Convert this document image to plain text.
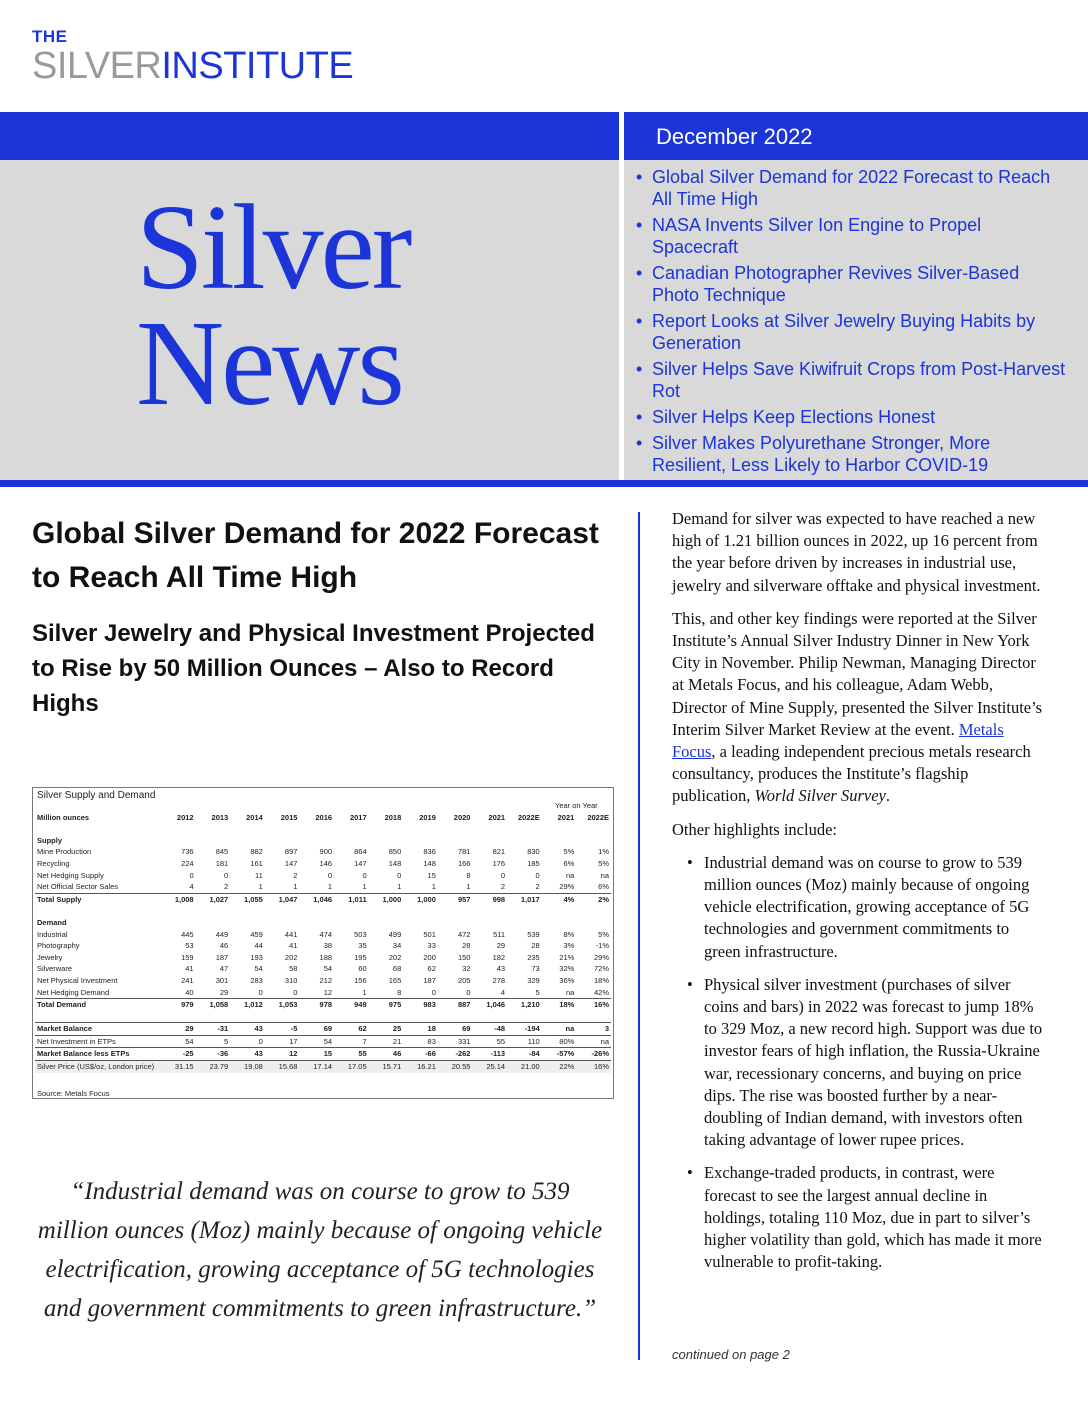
THE
SILVERINSTITUTE
December 2022
Silver
News
• Global Silver Demand for 2022 Forecast to Reach All Time High
• NASA Invents Silver Ion Engine to Propel Spacecraft
• Canadian Photographer Revives Silver-Based Photo Technique
• Report Looks at Silver Jewelry Buying Habits by Generation
• Silver Helps Save Kiwifruit Crops from Post-Harvest Rot
• Silver Helps Keep Elections Honest
• Silver Makes Polyurethane Stronger, More Resilient, Less Likely to Harbor COVID-19
Global Silver Demand for 2022 Forecast to Reach All Time High
Silver Jewelry and Physical Investment Projected to Rise by 50 Million Ounces – Also to Record Highs
Silver Supply and Demand
												Year on Year	
Million ounces	2012	2013	2014	2015	2016	2017	2018	2019	2020	2021	2022E	2021	2022E

Supply													
Mine Production	736	845	882	897	900	864	850	836	781	821	830	5%	1%
Recycling	224	181	161	147	146	147	148	148	166	176	185	6%	5%
Net Hedging Supply	0	0	11	2	0	0	0	15	8	0	0	na	na
Net Official Sector Sales	4	2	1	1	1	1	1	1	1	2	2	29%	6%
Total Supply	1,008	1,027	1,055	1,047	1,046	1,011	1,000	1,000	957	998	1,017	4%	2%

Demand													
Industrial	445	449	459	441	474	503	499	501	472	511	539	8%	5%
Photography	53	46	44	41	38	35	34	33	28	29	28	3%	-1%
Jewelry	159	187	193	202	188	195	202	200	150	182	235	21%	29%
Silverware	41	47	54	58	54	60	68	62	32	43	73	32%	72%
Net Physical Investment	241	301	283	310	212	156	165	187	205	278	329	36%	18%
Net Hedging Demand	40	29	0	0	12	1	8	0	0	4	5	na	42%
Total Demand	979	1,058	1,012	1,053	978	949	975	983	887	1,046	1,210	18%	16%

Market Balance	29	-31	43	-5	69	62	25	18	69	-48	-194	na	3
Net Investment in ETPs	54	5	0	17	54	7	21	83	331	55	110	80%	na
Market Balance less ETPs	-25	-36	43	12	15	55	46	-66	-262	-113	-84	-57%	-26%
Silver Price (US$/oz, London price)	31.15	23.79	19.08	15.68	17.14	17.05	15.71	16.21	20.55	25.14	21.00	22%	16%
Source: Metals Focus

“Industrial demand was on course to grow to 539 million ounces (Moz) mainly because of ongoing vehicle electrification, growing acceptance of 5G technologies and government commitments to green infrastructure.”

Demand for silver was expected to have reached a new high of 1.21 billion ounces in 2022, up 16 percent from the year before driven by increases in industrial use, jewelry and silverware offtake and physical investment.

This, and other key findings were reported at the Silver Institute’s Annual Silver Industry Dinner in New York City in November. Philip Newman, Managing Director at Metals Focus, and his colleague, Adam Webb, Director of Mine Supply, presented the Silver Institute’s Interim Silver Market Review at the event. Metals Focus, a leading independent precious metals research consultancy, produces the Institute’s flagship publication, World Silver Survey.

Other highlights include:

• Industrial demand was on course to grow to 539 million ounces (Moz) mainly because of ongoing vehicle electrification, growing acceptance of 5G technologies and government commitments to green infrastructure.
• Physical silver investment (purchases of silver coins and bars) in 2022 was forecast to jump 18% to 329 Moz, a new record high. Support was due to investor fears of high inflation, the Russia-Ukraine war, recessionary concerns, and buying on price dips. The rise was boosted further by a near-doubling of Indian demand, with investors often taking advantage of lower rupee prices.
• Exchange-traded products, in contrast, were forecast to see the largest annual decline in holdings, totaling 110 Moz, due in part to silver’s higher volatility than gold, which has made it more vulnerable to profit-taking.
continued on page 2
